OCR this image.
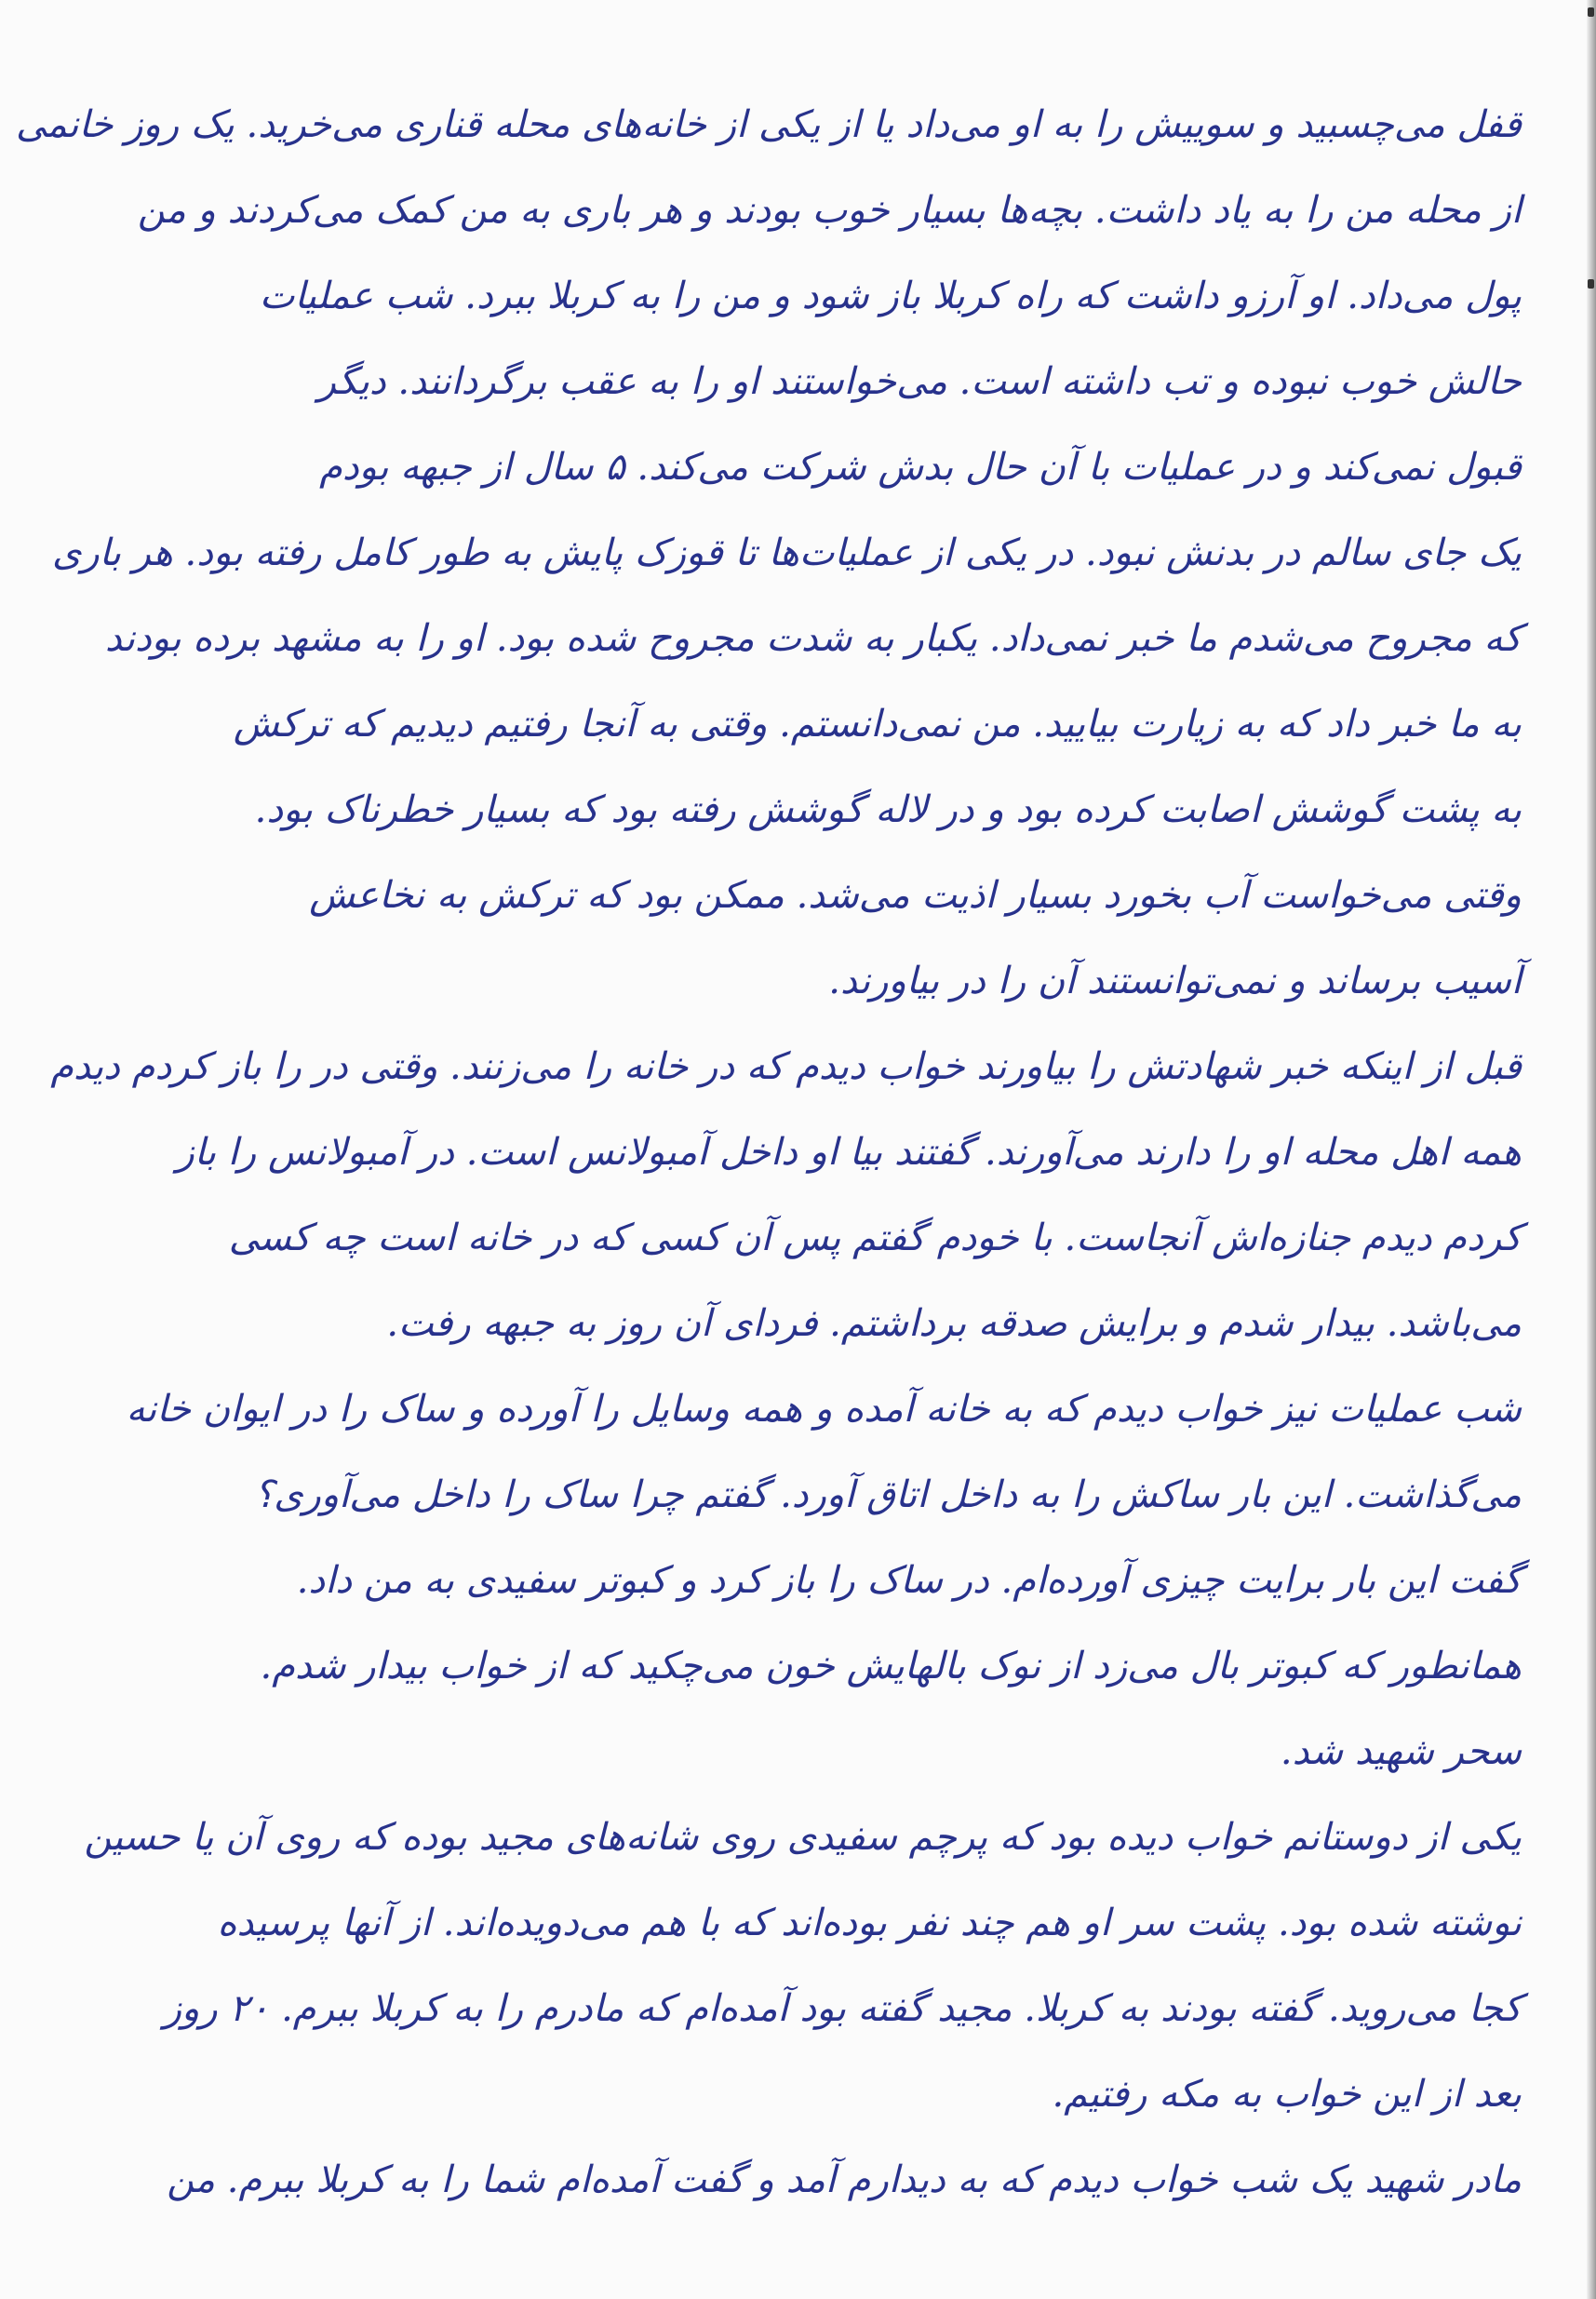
قفل می‌چسبید و سوییش را به او می‌داد یا از یکی از خانه‌های محله قناری می‌خرید. یک روز خانمی
از محله من را به یاد داشت. بچه‌ها بسیار خوب بودند و هر باری به من کمک می‌کردند و من
پول می‌داد. او آرزو داشت که راه کربلا باز شود و من را به کربلا ببرد. شب عملیات
حالش خوب نبوده و تب داشته است. می‌خواستند او را به عقب برگردانند. دیگر
قبول نمی‌کند و در عملیات با آن حال بدش شرکت می‌کند. ۵ سال از جبهه بودم
یک جای سالم در بدنش نبود. در یکی از عملیات‌ها تا قوزک پایش به طور کامل رفته بود. هر باری
که مجروح می‌شدم ما خبر نمی‌داد. یکبار به شدت مجروح شده بود. او را به مشهد برده بودند
به ما خبر داد که به زیارت بیایید. من نمی‌دانستم. وقتی به آنجا رفتیم دیدیم که ترکش
به پشت گوشش اصابت کرده بود و در لاله گوشش رفته بود که بسیار خطرناک بود.
وقتی می‌خواست آب بخورد بسیار اذیت می‌شد. ممکن بود که ترکش به نخاعش
آسیب برساند و نمی‌توانستند آن را در بیاورند.
قبل از اینکه خبر شهادتش را بیاورند خواب دیدم که در خانه را می‌زنند. وقتی در را باز کردم دیدم
همه اهل محله او را دارند می‌آورند. گفتند بیا او داخل آمبولانس است. در آمبولانس را باز
کردم دیدم جنازه‌اش آنجاست. با خودم گفتم پس آن کسی که در خانه است چه کسی
می‌باشد. بیدار شدم و برایش صدقه برداشتم. فردای آن روز به جبهه رفت.
شب عملیات نیز خواب دیدم که به خانه آمده و همه وسایل را آورده و ساک را در ایوان خانه
می‌گذاشت. این بار ساکش را به داخل اتاق آورد. گفتم چرا ساک را داخل می‌آوری؟
گفت این بار برایت چیزی آورده‌ام. در ساک را باز کرد و کبوتر سفیدی به من داد.
همانطور که کبوتر بال می‌زد از نوک بالهایش خون می‌چکید که از خواب بیدار شدم.
سحر شهید شد.
یکی از دوستانم خواب دیده بود که پرچم سفیدی روی شانه‌های مجید بوده که روی آن یا حسین
نوشته شده بود. پشت سر او هم چند نفر بوده‌اند که با هم می‌دویده‌اند. از آنها پرسیده
کجا می‌روید. گفته بودند به کربلا. مجید گفته بود آمده‌ام که مادرم را به کربلا ببرم. ۲۰ روز
بعد از این خواب به مکه رفتیم.
مادر شهید یک شب خواب دیدم که به دیدارم آمد و گفت آمده‌ام شما را به کربلا ببرم. من
